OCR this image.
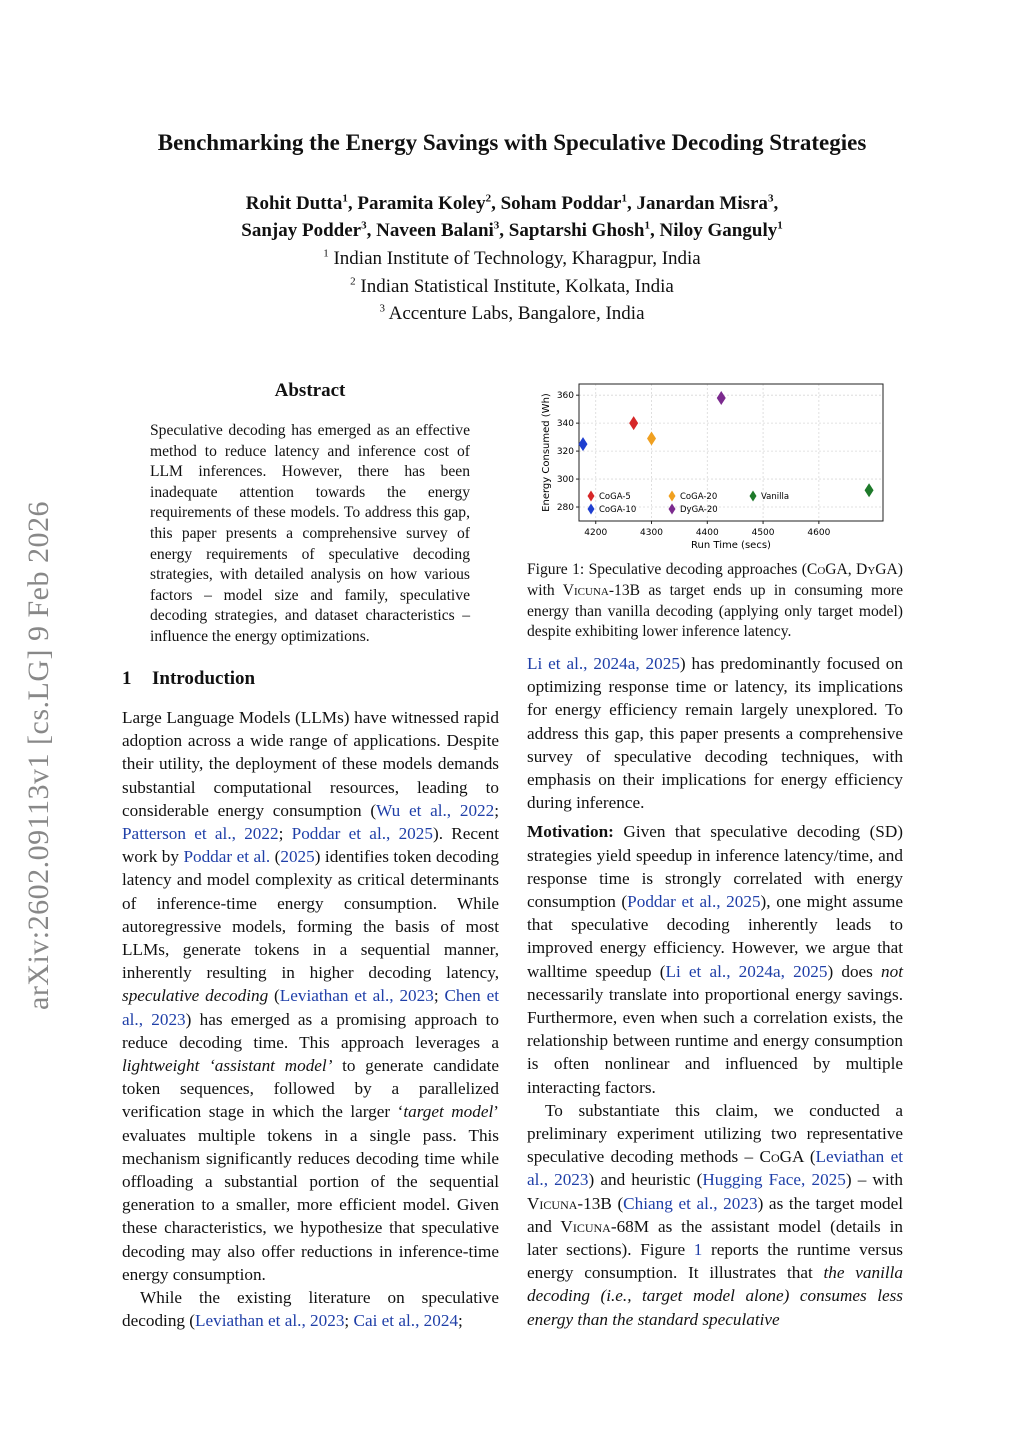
arXiv:2602.09113v1 [cs.LG] 9 Feb 2026
Benchmarking the Energy Savings with Speculative Decoding Strategies
Rohit Dutta$^1$, Paramita Koley$^2$, Soham Poddar$^1$, Janardan Misra$^3$,
Sanjay Podder$^3$, Naveen Balani$^3$, Saptarshi Ghosh$^1$, Niloy Ganguly$^1$
$^1$ Indian Institute of Technology, Kharagpur, India
$^2$ Indian Statistical Institute, Kolkata, India
$^3$ Accenture Labs, Bangalore, India
Abstract

Speculative decoding has emerged as an effective method to reduce latency and inference cost of LLM inferences. However, there has been inadequate attention towards the energy requirements of these models. To address this gap, this paper presents a comprehensive survey of energy requirements of speculative decoding strategies, with detailed analysis on how various factors – model size and family, speculative decoding strategies, and dataset characteristics – influence the energy optimizations.

1 Introduction

Large Language Models (LLMs) have witnessed rapid adoption across a wide range of applications. Despite their utility, the deployment of these models demands substantial computational resources, leading to considerable energy consumption (Wu et al., 2022; Patterson et al., 2022; Poddar et al., 2025). Recent work by Poddar et al. (2025) identifies token decoding latency and model complexity as critical determinants of inference-time energy consumption. While autoregressive models, forming the basis of most LLMs, generate tokens in a sequential manner, inherently resulting in higher decoding latency, speculative decoding (Leviathan et al., 2023; Chen et al., 2023) has emerged as a promising approach to reduce decoding time. This approach leverages a lightweight ‘assistant model’ to generate candidate token sequences, followed by a parallelized verification stage in which the larger ‘target model’ evaluates multiple tokens in a single pass. This mechanism significantly reduces decoding time while offloading a substantial portion of the sequential generation to a smaller, more efficient model. Given these characteristics, we hypothesize that speculative decoding may also offer reductions in inference-time energy consumption.

While the existing literature on speculative decoding (Leviathan et al., 2023; Cai et al., 2024;

4200	4300	4400	4500	4600
280
300
320
340
360
CoGA-5
CoGA-10
CoGA-20
DyGA-20
Vanilla
Run Time (secs)
Energy Consumed (Wh)

Figure 1: Speculative decoding approaches (CoGA, DyGA) with Vicuna-13B as target ends up in consuming more energy than vanilla decoding (applying only target model) despite exhibiting lower inference latency.

Li et al., 2024a, 2025) has predominantly focused on optimizing response time or latency, its implications for energy efficiency remain largely unexplored. To address this gap, this paper presents a comprehensive survey of speculative decoding techniques, with emphasis on their implications for energy efficiency during inference.

Motivation: Given that speculative decoding (SD) strategies yield speedup in inference latency/time, and response time is strongly correlated with energy consumption (Poddar et al., 2025), one might assume that speculative decoding inherently leads to improved energy efficiency. However, we argue that walltime speedup (Li et al., 2024a, 2025) does not necessarily translate into proportional energy savings. Furthermore, even when such a correlation exists, the relationship between runtime and energy consumption is often nonlinear and influenced by multiple interacting factors.

To substantiate this claim, we conducted a preliminary experiment utilizing two representative speculative decoding methods – CoGA (Leviathan et al., 2023) and heuristic (Hugging Face, 2025) – with Vicuna-13B (Chiang et al., 2023) as the target model and Vicuna-68M as the assistant model (details in later sections). Figure 1 reports the runtime versus energy consumption. It illustrates that the vanilla decoding (i.e., target model alone) consumes less energy than the standard speculative
